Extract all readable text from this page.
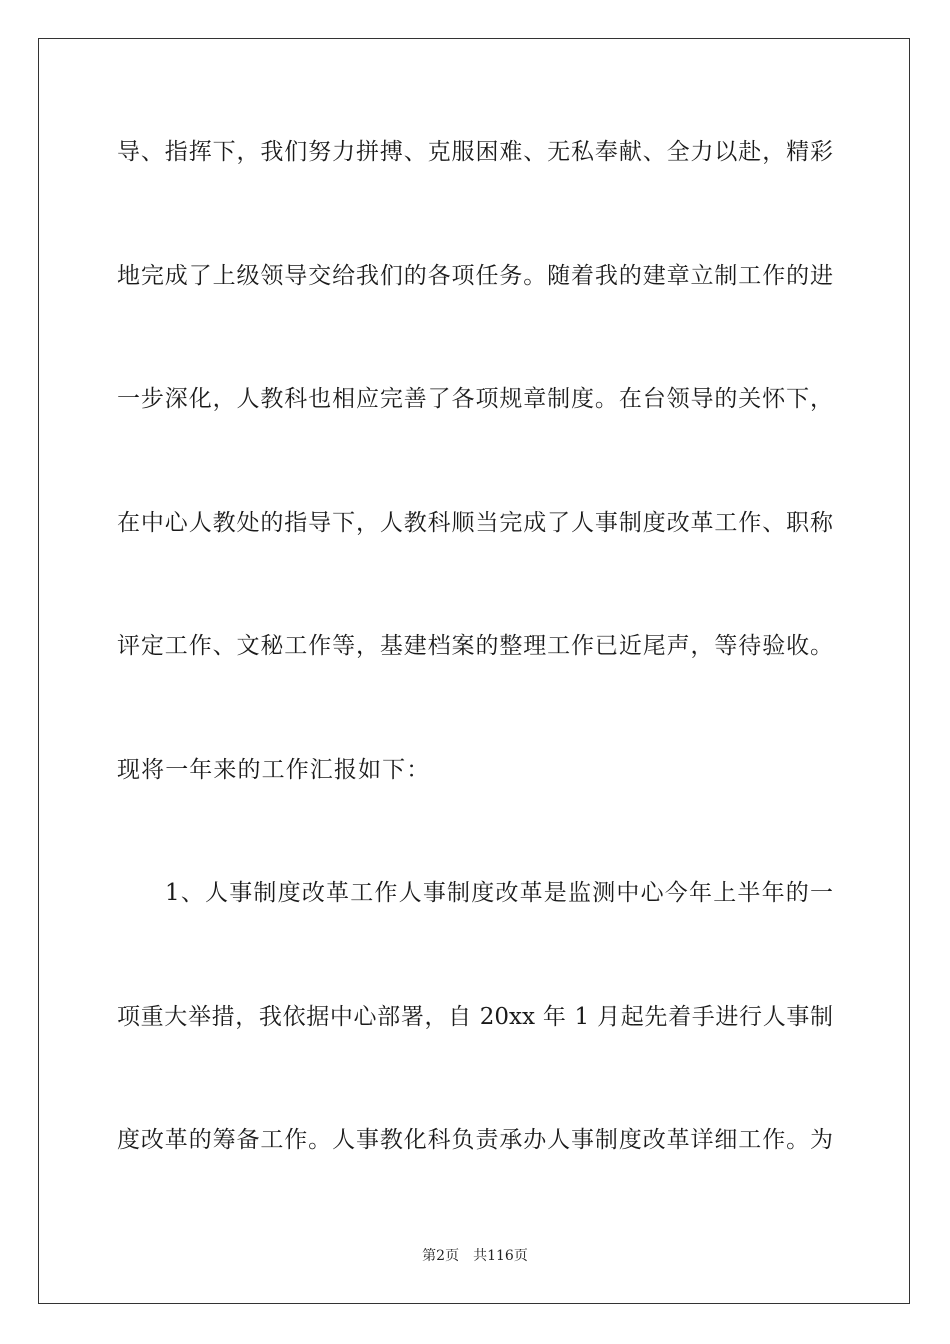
导、指挥下，我们努力拼搏、克服困难、无私奉献、全力以赴，精彩
地完成了上级领导交给我们的各项任务。随着我的建章立制工作的进
一步深化，人教科也相应完善了各项规章制度。在台领导的关怀下，
在中心人教处的指导下，人教科顺当完成了人事制度改革工作、职称
评定工作、文秘工作等，基建档案的整理工作已近尾声，等待验收。
现将一年来的工作汇报如下：
1、人事制度改革工作人事制度改革是监测中心今年上半年的一
项重大举措，我依据中心部署，自 20xx 年 1 月起先着手进行人事制
度改革的筹备工作。人事教化科负责承办人事制度改革详细工作。为
第2页 共116页
